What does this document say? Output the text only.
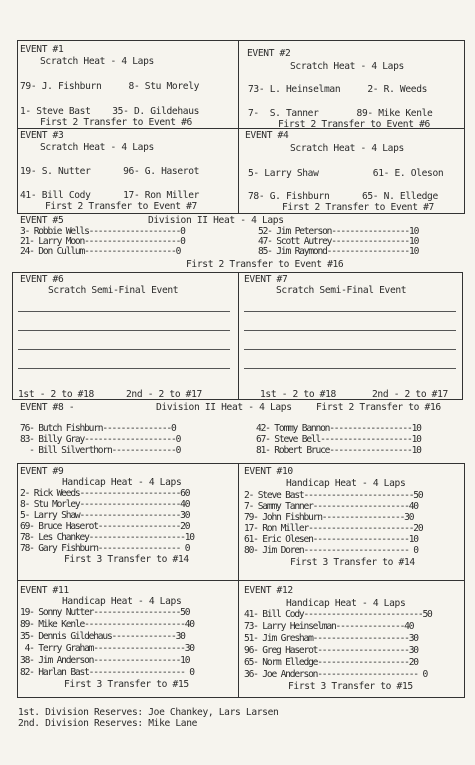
EVENT #1
Scratch Heat - 4 Laps
79- J. Fishburn     8- Stu Morely
1- Steve Bast    35- D. Gildehaus
First 2 Transfer to Event #6
EVENT #2
Scratch Heat - 4 Laps
73- L. Heinselman     2- R. Weeds
7-  S. Tanner       89- Mike Kenle
First 2 Transfer to Event #6
EVENT #3
Scratch Heat - 4 Laps
19- S. Nutter      96- G. Haserot
41- Bill Cody      17- Ron Miller
First 2 Transfer to Event #7
EVENT #4
Scratch Heat - 4 Laps
5- Larry Shaw          61- E. Oleson
78- G. Fishburn      65- N. Elledge
First 2 Transfer to Event #7
EVENT #5	Division II Heat - 4 Laps
3- Robbie Wells--------------------0
21- Larry Moon---------------------0
24- Don Cullum--------------------0
52- Jim Peterson-----------------10
47- Scott Autrey-----------------10
85- Jim Raymond------------------10
First 2 Transfer to Event #16
EVENT #6
Scratch Semi-Final Event
1st - 2 to #18	2nd - 2 to #17
EVENT #7
Scratch Semi-Final Event
1st - 2 to #18	2nd - 2 to #17
EVENT #8 -	Division II Heat - 4 Laps	First 2 Transfer to #16
76- Butch Fishburn---------------0
83- Billy Gray--------------------0
- Bill Silverthorn--------------0
42- Tommy Bannon------------------10
67- Steve Bell--------------------10
81- Robert Bruce------------------10
EVENT #9
Handicap Heat - 4 Laps
2- Rick Weeds----------------------60
8- Stu Morley----------------------40
5- Larry Shaw----------------------30
69- Bruce Haserot------------------20
78- Les Chankey---------------------10
78- Gary Fishburn------------------ 0
First 3 Transfer to #14
EVENT #10
Handicap Heat - 4 Laps
2- Steve Bast------------------------50
7- Sammy Tanner---------------------40
79- John Fishburn------------------30
17- Ron Miller-----------------------20
61- Eric Olesen---------------------10
80- Jim Doren----------------------- 0
First 3 Transfer to #14
EVENT #11
Handicap Heat - 4 Laps
19- Sonny Nutter-------------------50
89- Mike Kenle----------------------40
35- Dennis Gildehaus--------------30
4- Terry Graham--------------------30
38- Jim Anderson-------------------10
82- Harlan Bast--------------------- 0
First 3 Transfer to #15
EVENT #12
Handicap Heat - 4 Laps
41- Bill Cody--------------------------50
73- Larry Heinselman---------------40
51- Jim Gresham---------------------30
96- Greg Haserot--------------------30
65- Norm Elledge--------------------20
36- Joe Anderson---------------------- 0
First 3 Transfer to #15
1st. Division Reserves: Joe Chankey, Lars Larsen
2nd. Division Reserves: Mike Lane
